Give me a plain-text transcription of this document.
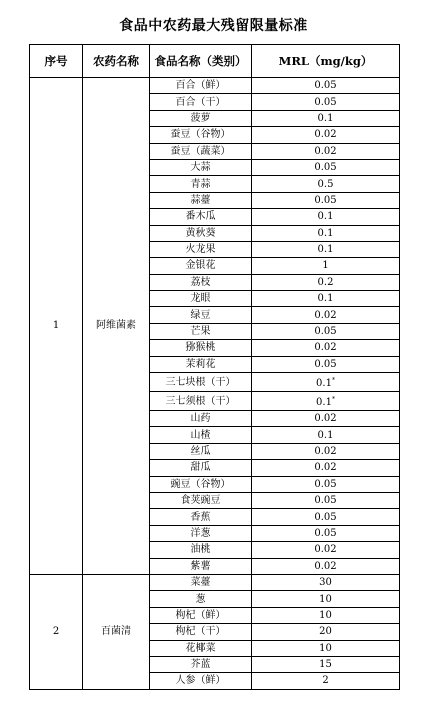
食品中农药最大残留限量标准
序号	农药名称	食品名称（类别）	MRL（mg/kg）
1	阿维菌素	百合（鲜）	0.05
		百合（干）	0.05
		菠萝	0.1
		蚕豆（谷物）	0.02
		蚕豆（蔬菜）	0.02
		大蒜	0.05
		青蒜	0.5
		蒜薹	0.05
		番木瓜	0.1
		黄秋葵	0.1
		火龙果	0.1
		金银花	1
		荔枝	0.2
		龙眼	0.1
		绿豆	0.02
		芒果	0.05
		猕猴桃	0.02
		茉莉花	0.05
		三七块根（干）	0.1*
		三七须根（干）	0.1*
		山药	0.02
		山楂	0.1
		丝瓜	0.02
		甜瓜	0.02
		豌豆（谷物）	0.05
		食荚豌豆	0.05
		香蕉	0.05
		洋葱	0.05
		油桃	0.02
		紫薯	0.02
2	百菌清	菜薹	30
		葱	10
		枸杞（鲜）	10
		枸杞（干）	20
		花椰菜	10
		芥蓝	15
		人参（鲜）	2
